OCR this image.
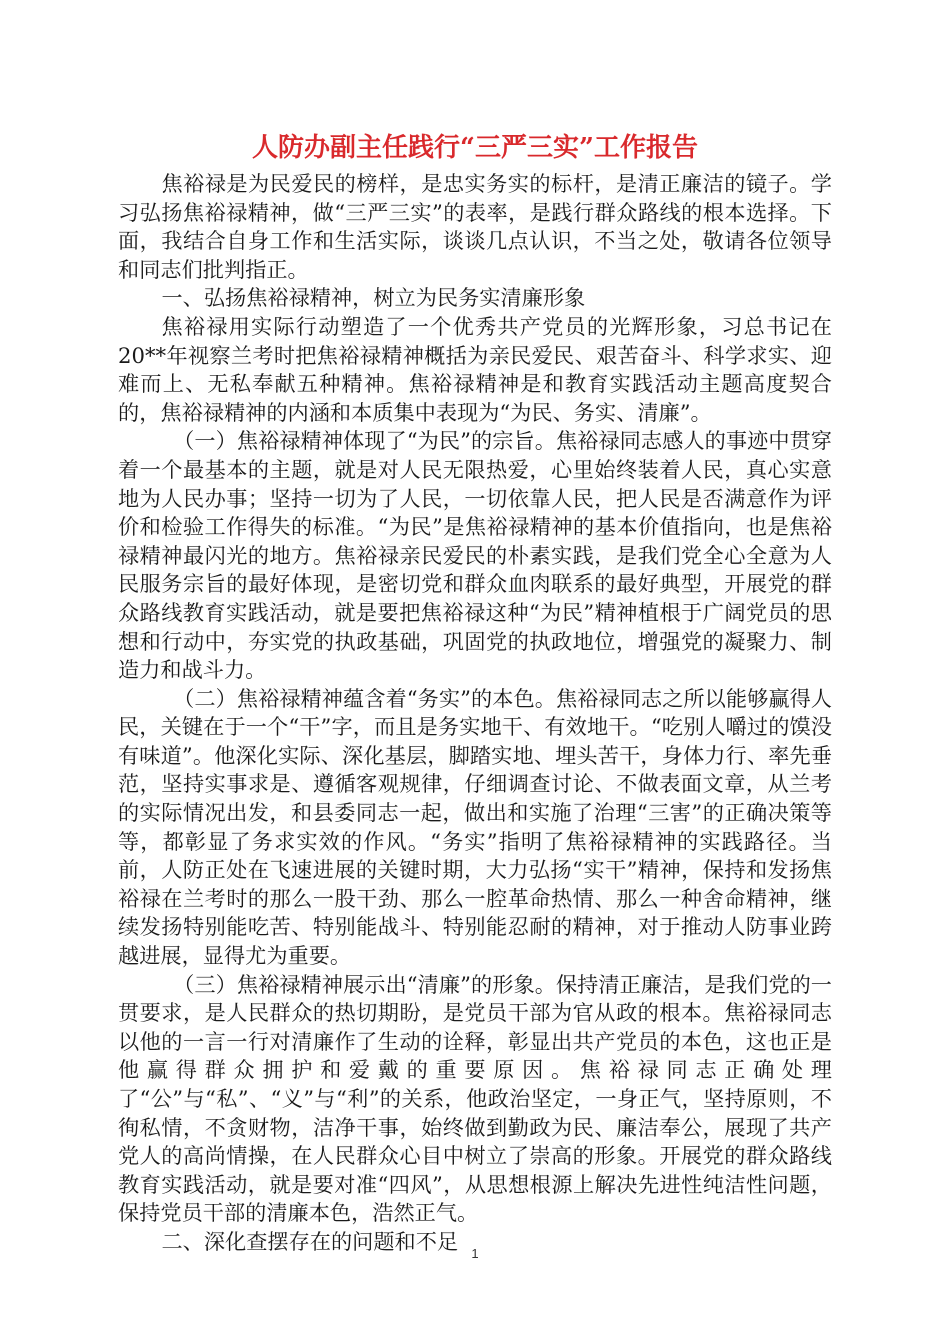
人防办副主任践行“三严三实”工作报告

焦裕禄是为民爱民的榜样，是忠实务实的标杆，是清正廉洁的镜子。学习弘扬焦裕禄精神，做“三严三实”的表率，是践行群众路线的根本选择。下面，我结合自身工作和生活实际，谈谈几点认识，不当之处，敬请各位领导和同志们批判指正。

一、弘扬焦裕禄精神，树立为民务实清廉形象

焦裕禄用实际行动塑造了一个优秀共产党员的光辉形象，习总书记在20**年视察兰考时把焦裕禄精神概括为亲民爱民、艰苦奋斗、科学求实、迎难而上、无私奉献五种精神。焦裕禄精神是和教育实践活动主题高度契合的，焦裕禄精神的内涵和本质集中表现为“为民、务实、清廉”。

（一）焦裕禄精神体现了“为民”的宗旨。焦裕禄同志感人的事迹中贯穿着一个最基本的主题，就是对人民无限热爱，心里始终装着人民，真心实意地为人民办事；坚持一切为了人民，一切依靠人民，把人民是否满意作为评价和检验工作得失的标准。“为民”是焦裕禄精神的基本价值指向，也是焦裕禄精神最闪光的地方。焦裕禄亲民爱民的朴素实践，是我们党全心全意为人民服务宗旨的最好体现，是密切党和群众血肉联系的最好典型，开展党的群众路线教育实践活动，就是要把焦裕禄这种“为民”精神植根于广阔党员的思想和行动中，夯实党的执政基础，巩固党的执政地位，增强党的凝聚力、制造力和战斗力。

（二）焦裕禄精神蕴含着“务实”的本色。焦裕禄同志之所以能够赢得人民，关键在于一个“干”字，而且是务实地干、有效地干。“吃别人嚼过的馍没有味道”。他深化实际、深化基层，脚踏实地、埋头苦干，身体力行、率先垂范，坚持实事求是、遵循客观规律，仔细调查讨论、不做表面文章，从兰考的实际情况出发，和县委同志一起，做出和实施了治理“三害”的正确决策等等，都彰显了务求实效的作风。“务实”指明了焦裕禄精神的实践路径。当前，人防正处在飞速进展的关键时期，大力弘扬“实干”精神，保持和发扬焦裕禄在兰考时的那么一股干劲、那么一腔革命热情、那么一种舍命精神，继续发扬特别能吃苦、特别能战斗、特别能忍耐的精神，对于推动人防事业跨越进展，显得尤为重要。

（三）焦裕禄精神展示出“清廉”的形象。保持清正廉洁，是我们党的一贯要求，是人民群众的热切期盼，是党员干部为官从政的根本。焦裕禄同志以他的一言一行对清廉作了生动的诠释，彰显出共产党员的本色，这也正是他赢得群众拥护和爱戴的重要原因。焦裕禄同志正确处理了“公”与“私”、“义”与“利”的关系，他政治坚定，一身正气，坚持原则，不徇私情，不贪财物，洁净干事，始终做到勤政为民、廉洁奉公，展现了共产党人的高尚情操，在人民群众心目中树立了崇高的形象。开展党的群众路线教育实践活动，就是要对准“四风”，从思想根源上解决先进性纯洁性问题，保持党员干部的清廉本色，浩然正气。

二、深化查摆存在的问题和不足	1
